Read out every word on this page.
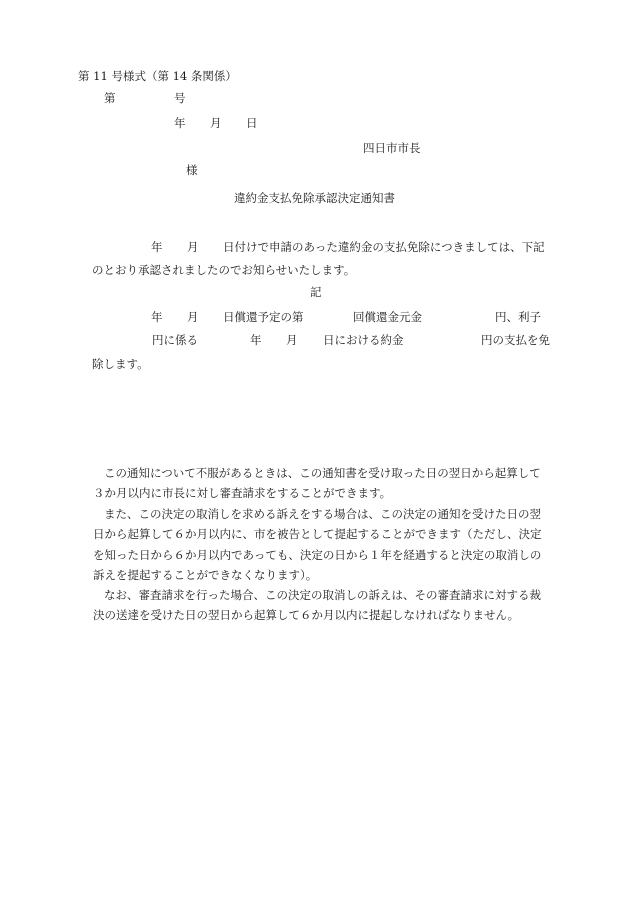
第 11 号様式（第 14 条関係）
第	号
年 月 日
四日市市長
様
違約金支払免除承認決定通知書
年 月 日付けで申請のあった違約金の支払免除につきましては、下記
のとおり承認されましたのでお知らせいたします。
記
年 月 日償還予定の第	回償還金元金	円、利子
円に係る	年 月 日における約金	円の支払を免
除します。
この通知について不服があるときは、この通知書を受け取った日の翌日から起算して
３か月以内に市長に対し審査請求をすることができます。
また、この決定の取消しを求める訴えをする場合は、この決定の通知を受けた日の翌
日から起算して６か月以内に、市を被告として提起することができます（ただし、決定
を知った日から６か月以内であっても、決定の日から１年を経過すると決定の取消しの
訴えを提起することができなくなります）。
なお、審査請求を行った場合、この決定の取消しの訴えは、その審査請求に対する裁
決の送達を受けた日の翌日から起算して６か月以内に提起しなければなりません。
